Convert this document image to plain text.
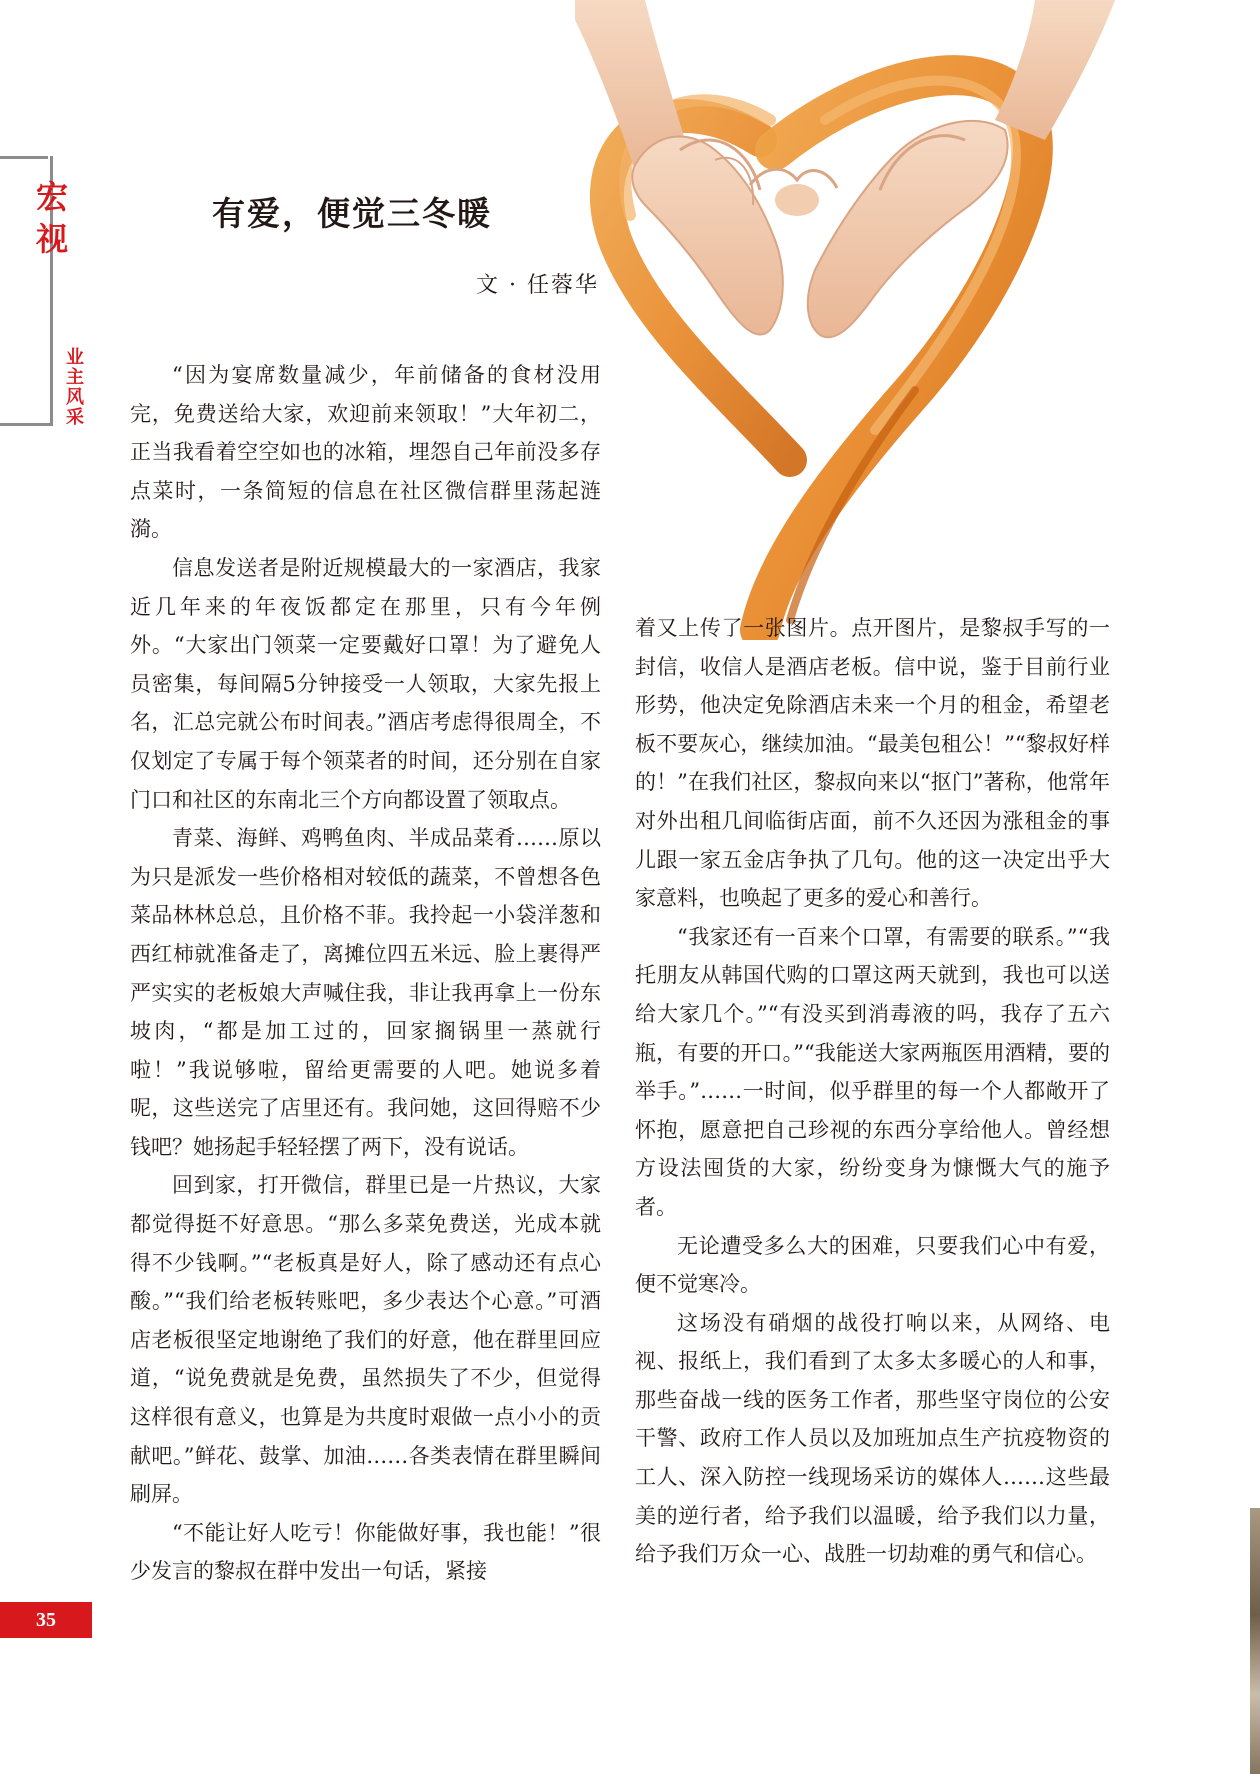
宏视
业主风采
有爱，便觉三冬暖
文 · 任蓉华

“因为宴席数量减少，年前储备的食材没用完，免费送给大家，欢迎前来领取！”大年初二，正当我看着空空如也的冰箱，埋怨自己年前没多存点菜时，一条简短的信息在社区微信群里荡起涟漪。

信息发送者是附近规模最大的一家酒店，我家近几年来的年夜饭都定在那里，只有今年例外。“大家出门领菜一定要戴好口罩！为了避免人员密集，每间隔5分钟接受一人领取，大家先报上名，汇总完就公布时间表。”酒店考虑得很周全，不仅划定了专属于每个领菜者的时间，还分别在自家门口和社区的东南北三个方向都设置了领取点。

青菜、海鲜、鸡鸭鱼肉、半成品菜肴……原以为只是派发一些价格相对较低的蔬菜，不曾想各色菜品林林总总，且价格不菲。我拎起一小袋洋葱和西红柿就准备走了，离摊位四五米远、脸上裹得严严实实的老板娘大声喊住我，非让我再拿上一份东坡肉，“都是加工过的，回家搁锅里一蒸就行啦！”我说够啦，留给更需要的人吧。她说多着呢，这些送完了店里还有。我问她，这回得赔不少钱吧？她扬起手轻轻摆了两下，没有说话。

回到家，打开微信，群里已是一片热议，大家都觉得挺不好意思。“那么多菜免费送，光成本就得不少钱啊。”“老板真是好人，除了感动还有点心酸。”“我们给老板转账吧，多少表达个心意。”可酒店老板很坚定地谢绝了我们的好意，他在群里回应道，“说免费就是免费，虽然损失了不少，但觉得这样很有意义，也算是为共度时艰做一点小小的贡献吧。”鲜花、鼓掌、加油……各类表情在群里瞬间刷屏。

“不能让好人吃亏！你能做好事，我也能！”很少发言的黎叔在群中发出一句话，紧接

着又上传了一张图片。点开图片，是黎叔手写的一封信，收信人是酒店老板。信中说，鉴于目前行业形势，他决定免除酒店未来一个月的租金，希望老板不要灰心，继续加油。“最美包租公！”“黎叔好样的！”在我们社区，黎叔向来以“抠门”著称，他常年对外出租几间临街店面，前不久还因为涨租金的事儿跟一家五金店争执了几句。他的这一决定出乎大家意料，也唤起了更多的爱心和善行。

“我家还有一百来个口罩，有需要的联系。”“我托朋友从韩国代购的口罩这两天就到，我也可以送给大家几个。”“有没买到消毒液的吗，我存了五六瓶，有要的开口。”“我能送大家两瓶医用酒精，要的举手。”……一时间，似乎群里的每一个人都敞开了怀抱，愿意把自己珍视的东西分享给他人。曾经想方设法囤货的大家，纷纷变身为慷慨大气的施予者。

无论遭受多么大的困难，只要我们心中有爱，便不觉寒冷。

这场没有硝烟的战役打响以来，从网络、电视、报纸上，我们看到了太多太多暖心的人和事，那些奋战一线的医务工作者，那些坚守岗位的公安干警、政府工作人员以及加班加点生产抗疫物资的工人、深入防控一线现场采访的媒体人……这些最美的逆行者，给予我们以温暖，给予我们以力量，给予我们万众一心、战胜一切劫难的勇气和信心。

35
